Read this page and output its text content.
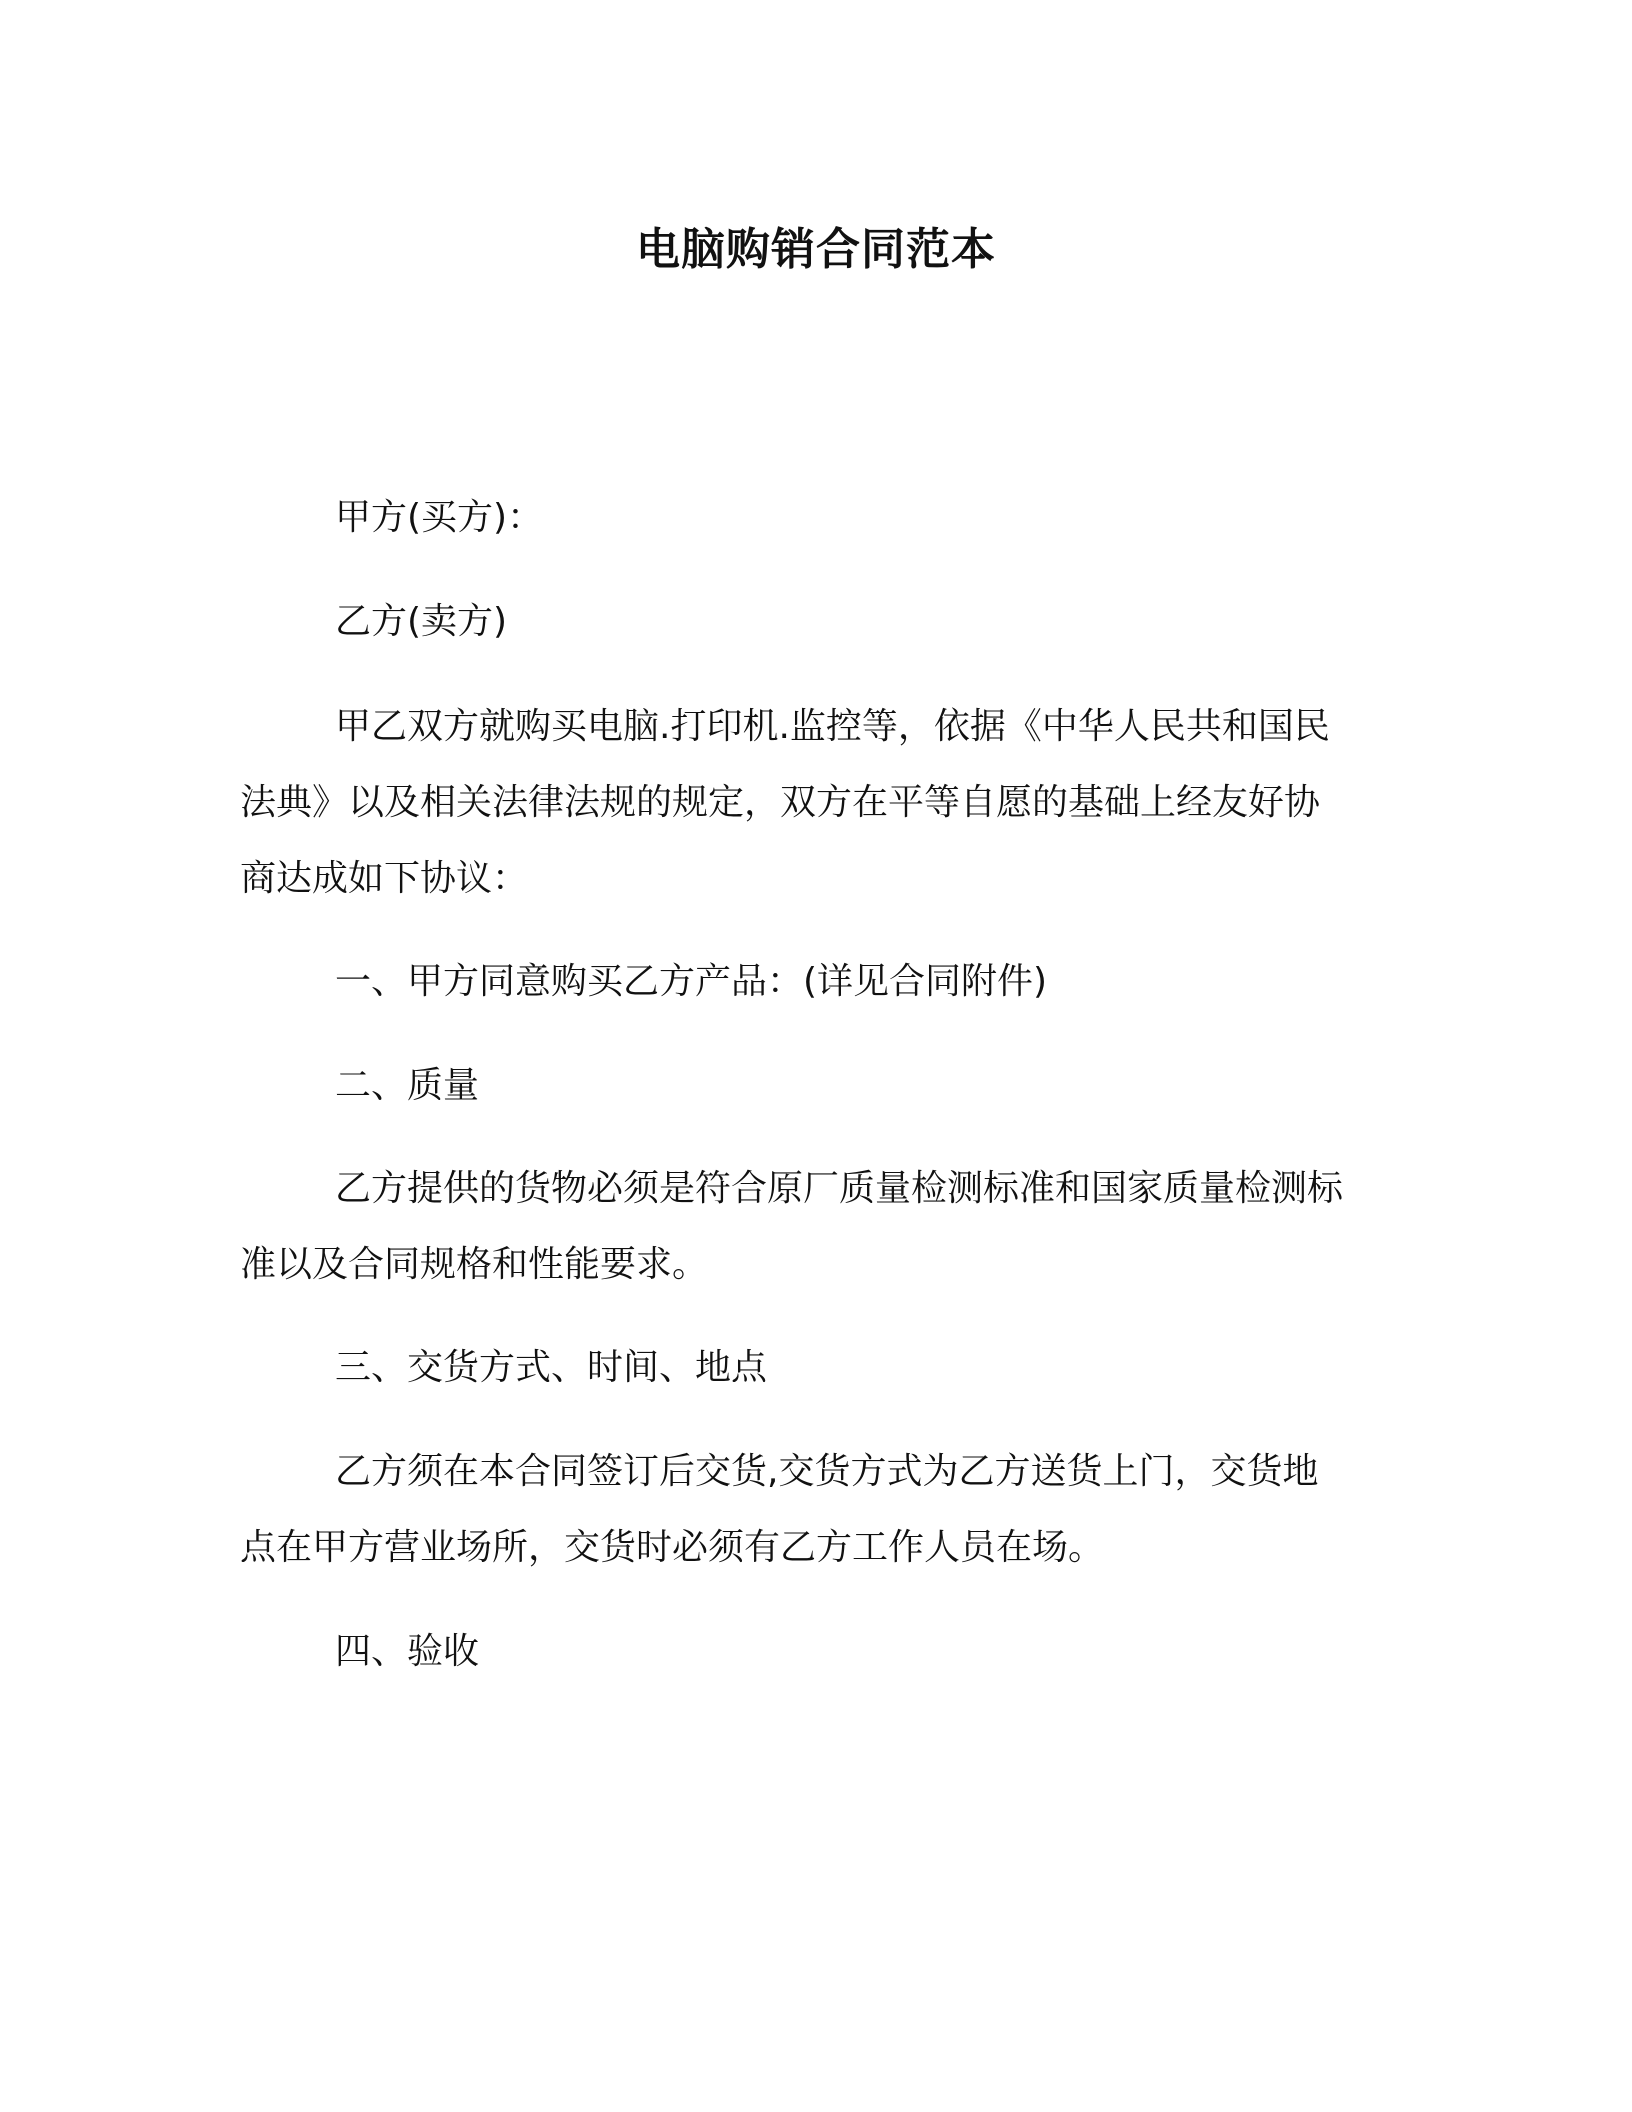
电脑购销合同范本
甲方(买方)：
乙方(卖方)
甲乙双方就购买电脑.打印机.监控等，依据《中华人民共和国民
法典》以及相关法律法规的规定，双方在平等自愿的基础上经友好协
商达成如下协议：
一、甲方同意购买乙方产品：(详见合同附件)
二、质量
乙方提供的货物必须是符合原厂质量检测标准和国家质量检测标
准以及合同规格和性能要求。
三、交货方式、时间、地点
乙方须在本合同签订后交货,交货方式为乙方送货上门，交货地
点在甲方营业场所，交货时必须有乙方工作人员在场。
四、验收
